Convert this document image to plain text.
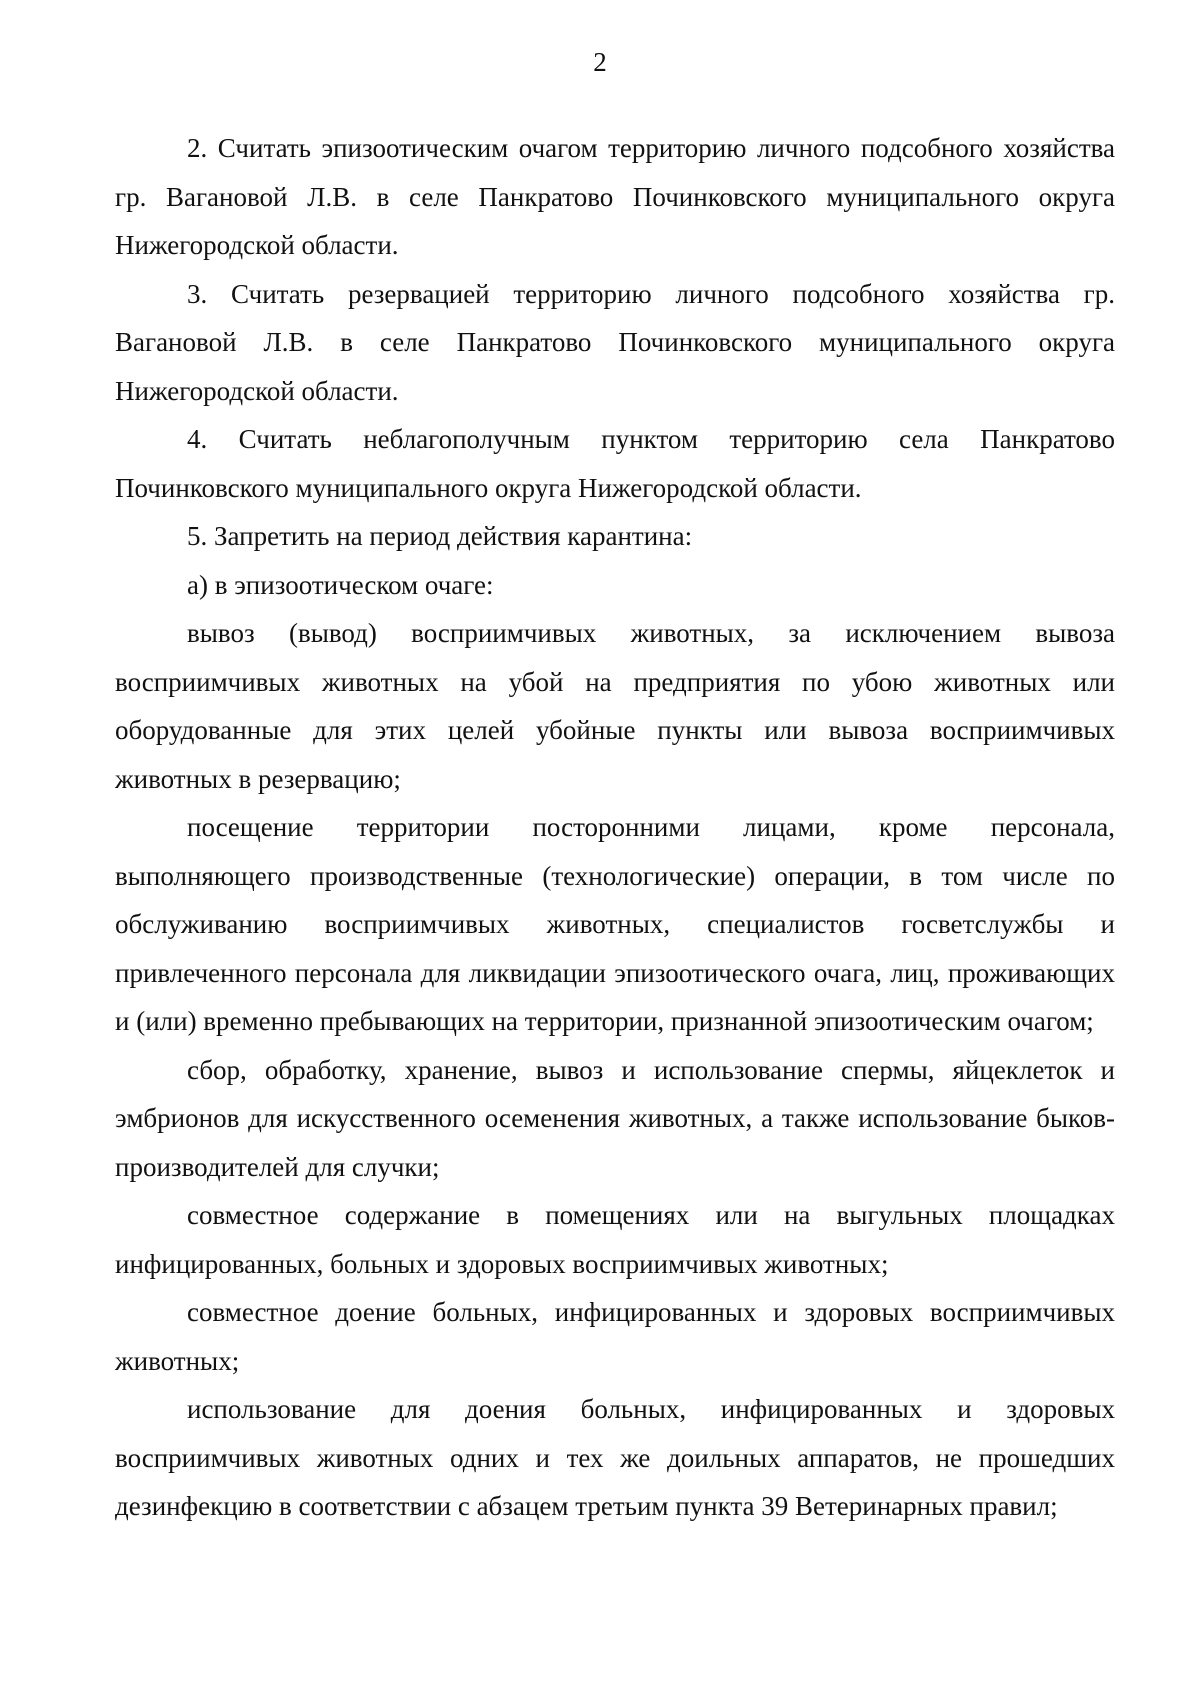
2

2. Считать эпизоотическим очагом территорию личного подсобного хозяйства гр. Вагановой Л.В. в селе Панкратово Починковского муниципального округа Нижегородской области.

3. Считать резервацией территорию личного подсобного хозяйства гр. Вагановой Л.В. в селе Панкратово Починковского муниципального округа Нижегородской области.

4. Считать неблагополучным пунктом территорию села Панкратово Починковского муниципального округа Нижегородской области.

5. Запретить на период действия карантина:

а) в эпизоотическом очаге:

вывоз (вывод) восприимчивых животных, за исключением вывоза восприимчивых животных на убой на предприятия по убою животных или оборудованные для этих целей убойные пункты или вывоза восприимчивых животных в резервацию;

посещение территории посторонними лицами, кроме персонала, выполняющего производственные (технологические) операции, в том числе по обслуживанию восприимчивых животных, специалистов госветслужбы и привлеченного персонала для ликвидации эпизоотического очага, лиц, проживающих и (или) временно пребывающих на территории, признанной эпизоотическим очагом;

сбор, обработку, хранение, вывоз и использование спермы, яйцеклеток и эмбрионов для искусственного осеменения животных, а также использование быков-производителей для случки;

совместное содержание в помещениях или на выгульных площадках инфицированных, больных и здоровых восприимчивых животных;

совместное доение больных, инфицированных и здоровых восприимчивых животных;

использование для доения больных, инфицированных и здоровых восприимчивых животных одних и тех же доильных аппаратов, не прошедших дезинфекцию в соответствии с абзацем третьим пункта 39 Ветеринарных правил;
